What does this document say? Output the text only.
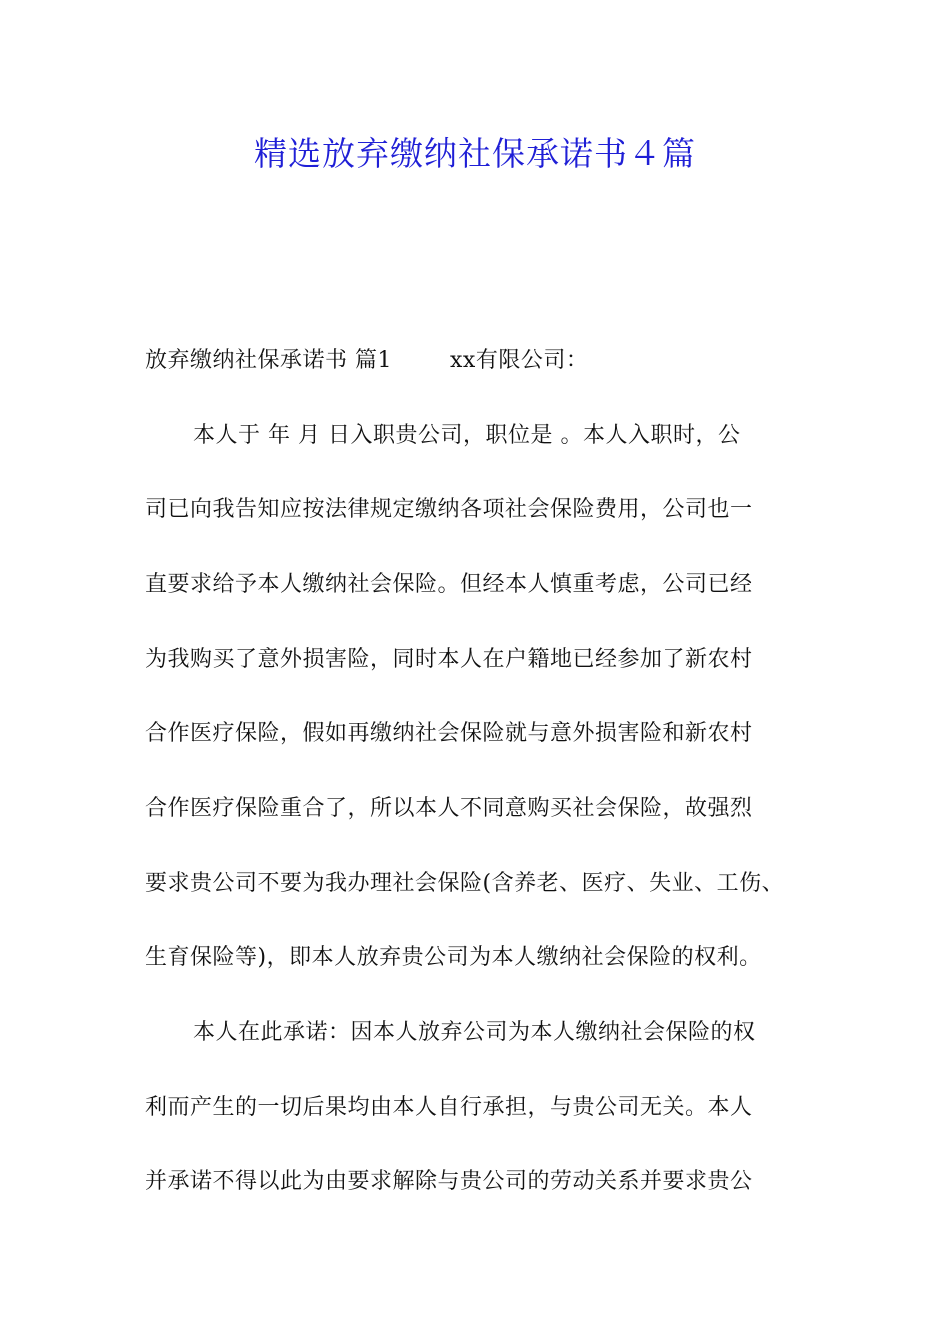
精选放弃缴纳社保承诺书４篇
放弃缴纳社保承诺书 篇1	xx有限公司：
本人于 年 月 日入职贵公司，职位是 。本人入职时，公
司已向我告知应按法律规定缴纳各项社会保险费用，公司也一
直要求给予本人缴纳社会保险。但经本人慎重考虑，公司已经
为我购买了意外损害险，同时本人在户籍地已经参加了新农村
合作医疗保险，假如再缴纳社会保险就与意外损害险和新农村
合作医疗保险重合了，所以本人不同意购买社会保险，故强烈
要求贵公司不要为我办理社会保险(含养老、医疗、失业、工伤、
生育保险等)，即本人放弃贵公司为本人缴纳社会保险的权利。
本人在此承诺：因本人放弃公司为本人缴纳社会保险的权
利而产生的一切后果均由本人自行承担，与贵公司无关。本人
并承诺不得以此为由要求解除与贵公司的劳动关系并要求贵公
